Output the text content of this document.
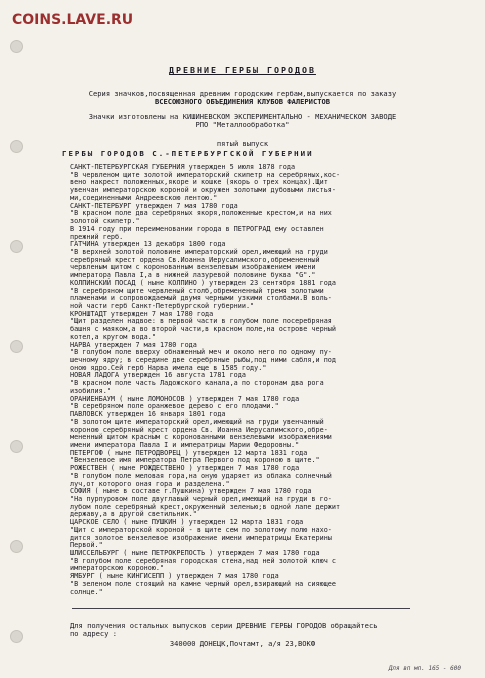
COINS.LAVE.RU
ДРЕВНИЕ ГЕРБЫ ГОРОДОВ
Серия значков,посвященная древним городским гербам,выпускается по заказу
ВСЕСОЮЗНОГО ОБЪЕДИНЕНИЯ КЛУБОВ ФАЛЕРИСТОВ
Значки изготовлены на КИШИНЕВСКОМ ЭКСПЕРИМЕНТАЛЬНО - МЕХАНИЧЕСКОМ ЗАВОДЕ
РПО "Металлообработка"
пятый выпуск
ГЕРБЫ ГОРОДОВ С.-ПЕТЕРБУРГСКОЙ ГУБЕРНИИ
САНКТ-ПЕТЕРБУРГСКАЯ ГУБЕРНИЯ утвержден 5 июля 1878 года
"В червленом щите золотой императорский скипетр на серебряных,кос-
вено накрест положенных,якоре и кошке (якорь о трех концах).Щит
увенчан императорскою короной и окружен золотыми дубовыми листья-
ми,соединенными Андреевскою лентою."
САНКТ-ПЕТЕРБУРГ утвержден 7 мая 1780 года
"В красном поле два серебряных якоря,положенные крестом,и на них
золотой скипетр."
В 1914 году при переименовании города в ПЕТРОГРАД ему оставлен
прежний герб.
ГАТЧИНА утвержден 13 декабря 1800 года
"В верхней золотой половине императорский орел,имеющий на груди
серебряный крест ордена Св.Иоанна Иерусалимского,обремененный
червленым щитом с коронованным вензелевым изображением имени
императора Павла I,а в нижней лазуревой половине буква "G"."
КОЛПИНСКИЙ ПОСАД ( ныне КОЛПИНО ) утвержден 23 сентября 1881 года
"В серебряном щите червленый столб,обремененный тремя золотыми
пламенами и сопровождаемый двумя черными узкими столбами.В воль-
ной части герб Санкт-Петербургской губернии."
КРОНШТАДТ утвержден 7 мая 1780 года
"Щит разделен надвое: в первой части в голубом поле посеребряная
башня с маяком,а во второй части,в красном поле,на острове черный
котел,а кругом вода."
НАРВА утвержден 7 мая 1780 года
"В голубом поле вверху обнаженный меч и около него по одному пу-
шечному ядру; в середине две серебряные рыбы,под ними сабля,и под
оною ядро.Сей герб Нарва имела еще в 1585 году."
НОВАЯ ЛАДОГА утвержден 16 августа 1781 года
"В красном поле часть Ладожского канала,а по сторонам два рога
изобилия."
ОРАНИЕНБАУМ ( ныне ЛОМОНОСОВ ) утвержден 7 мая 1780 года
"В серебряном поле оранжевое дерево с его плодами."
ПАВЛОВСК утвержден 16 января 1801 года
"В золотом щите императорский орел,имеющий на груди увенчанный
короною серебряный крест ордена Св. Иоанна Иерусалимского,обре-
мененный щитом красным с коронованными вензелевыми изображениями
имени императора Павла I и императрицы Марии Федоровны."
ПЕТЕРГОФ ( ныне ПЕТРОДВОРЕЦ ) утвержден 12 марта 1831 года
"Вензелевое имя императора Петра Первого под короною в щите."
РОЖЕСТВЕН ( ныне РОЖДЕСТВЕНО ) утвержден 7 мая 1780 года
"В голубом поле меловая гора,на оную ударяет из облака солнечный
луч,от которого оная гора и разделена."
СОФИЯ ( ныне в составе г.Пушкина) утвержден 7 мая 1780 года
"На пурпуровом поле двуглавый черный орел,имеющий на груди в го-
лубом поле серебряный крест,окруженный зеленью;в одной лапе держит
державу,а в другой светильник."
ЦАРСКОЕ СЕЛО ( ныне ПУШКИН ) утвержден 12 марта 1831 года
"Щит с императорской короной - в щите сем по золотому полю нахо-
дится золотое вензелевое изображение имени императрицы Екатерины
Первой."
ШЛИССЕЛЬБУРГ ( ныне ПЕТРОКРЕПОСТЬ ) утвержден 7 мая 1780 года
"В голубом поле серебряная городская стена,над ней золотой ключ с
императорскою короною."
ЯМБУРГ ( ныне КИНГИСЕПП ) утвержден 7 мая 1780 года
"В зеленом поле стоящий на камне черный орел,взирающий на сияющее
солнце."
Для получения остальных выпусков серии ДРЕВНИЕ ГЕРБЫ ГОРОДОВ обращайтесь
по адресу :
340000 ДОНЕЦК,Почтамт, а/я 23,ВОКФ
Для вп мп. 165 - 600
